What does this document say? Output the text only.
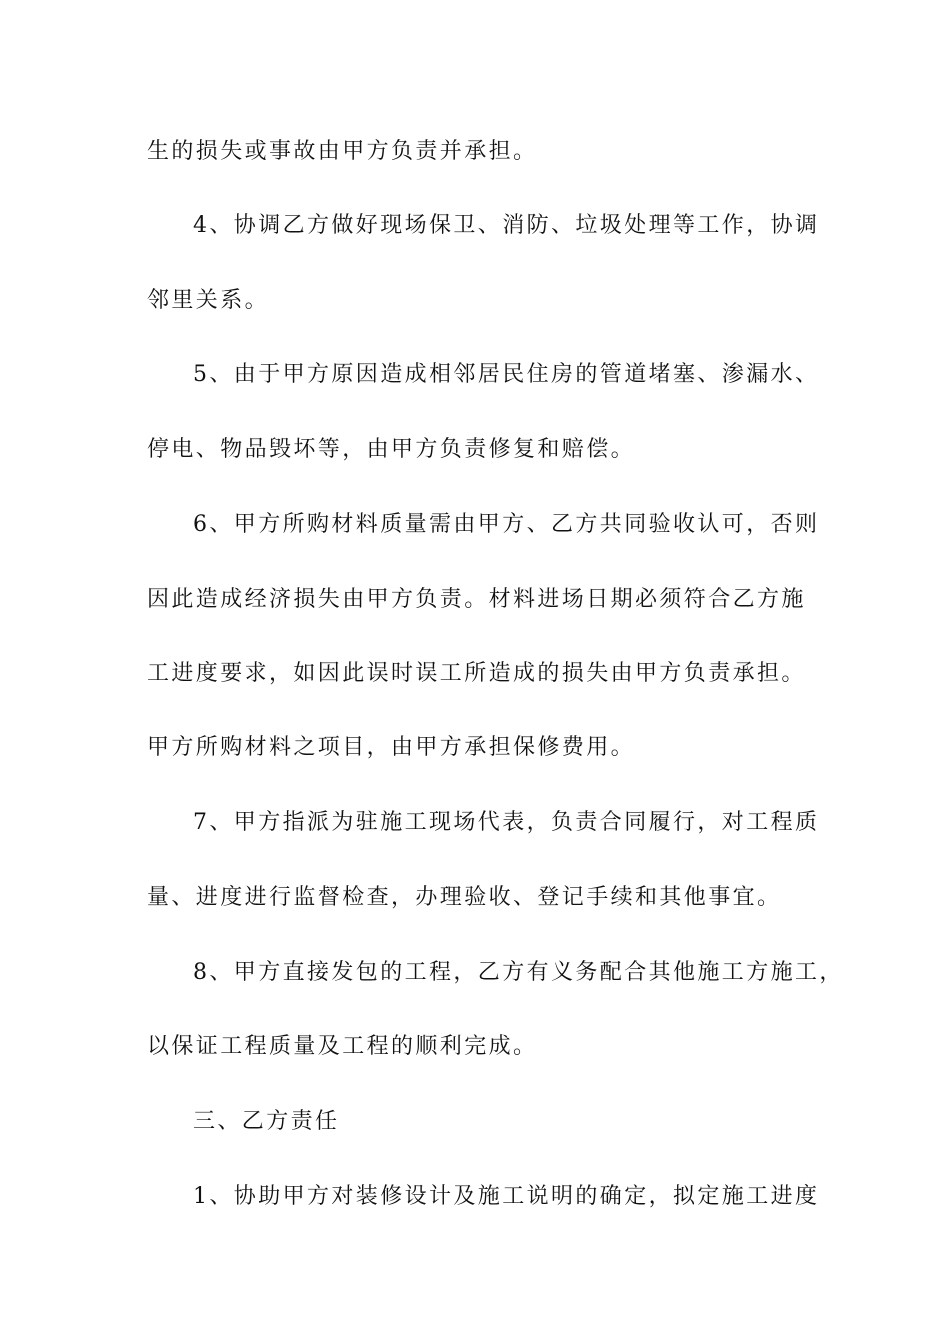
生的损失或事故由甲方负责并承担。
4、协调乙方做好现场保卫、消防、垃圾处理等工作，协调
邻里关系。
5、由于甲方原因造成相邻居民住房的管道堵塞、渗漏水、
停电、物品毁坏等，由甲方负责修复和赔偿。
6、甲方所购材料质量需由甲方、乙方共同验收认可，否则
因此造成经济损失由甲方负责。材料进场日期必须符合乙方施
工进度要求，如因此误时误工所造成的损失由甲方负责承担。
甲方所购材料之项目，由甲方承担保修费用。
7、甲方指派为驻施工现场代表，负责合同履行，对工程质
量、进度进行监督检查，办理验收、登记手续和其他事宜。
8、甲方直接发包的工程，乙方有义务配合其他施工方施工，
以保证工程质量及工程的顺利完成。
三、乙方责任
1、协助甲方对装修设计及施工说明的确定，拟定施工进度
